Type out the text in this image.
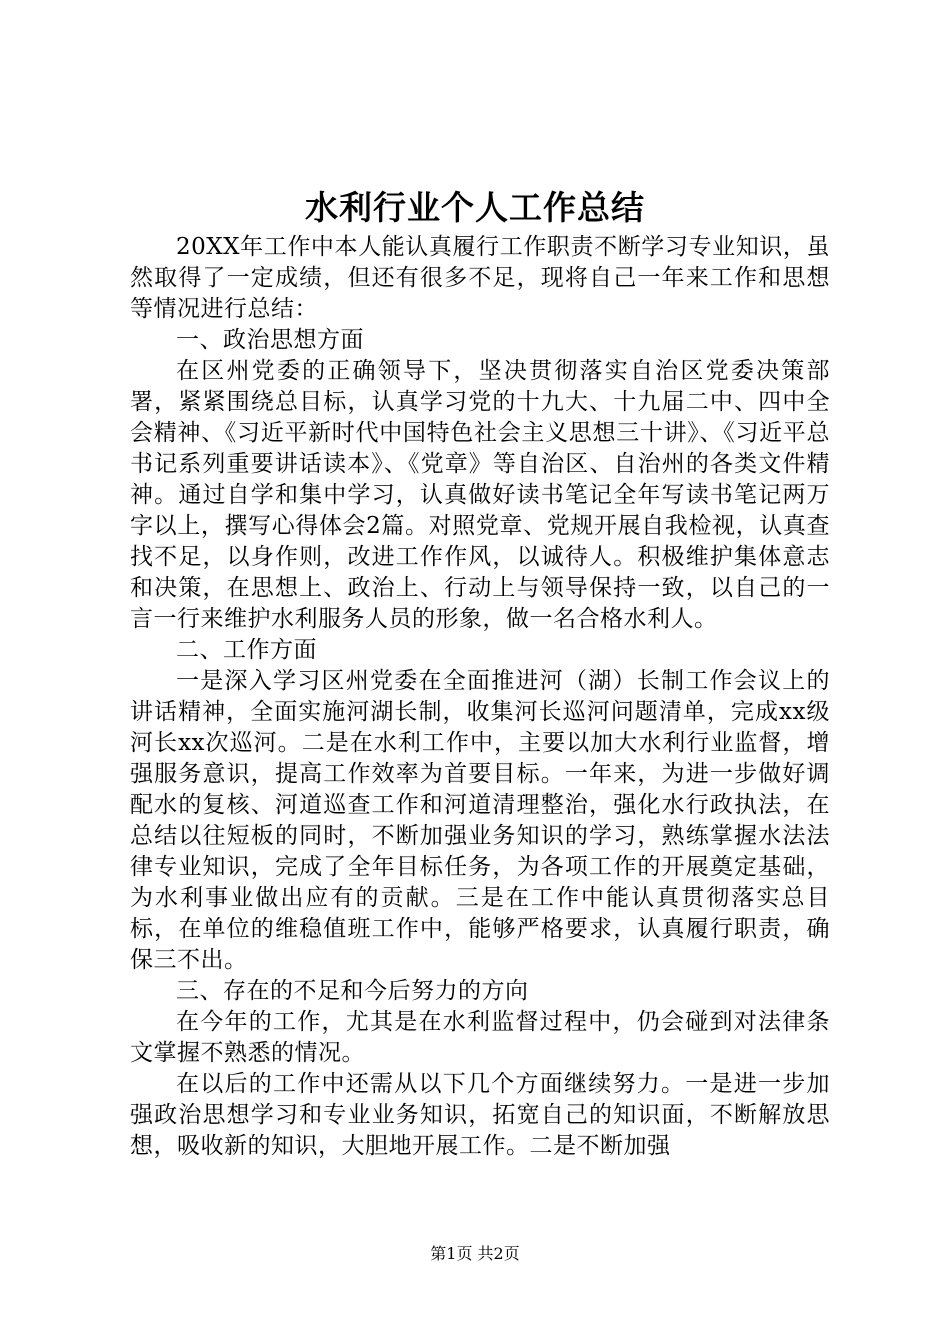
水利行业个人工作总结

20XX年工作中本人能认真履行工作职责不断学习专业知识，虽然取得了一定成绩，但还有很多不足，现将自己一年来工作和思想等情况进行总结：

一、政治思想方面

在区州党委的正确领导下，坚决贯彻落实自治区党委决策部署，紧紧围绕总目标，认真学习党的十九大、十九届二中、四中全会精神、《习近平新时代中国特色社会主义思想三十讲》、《习近平总书记系列重要讲话读本》、《党章》等自治区、自治州的各类文件精神。通过自学和集中学习，认真做好读书笔记全年写读书笔记两万字以上，撰写心得体会2篇。对照党章、党规开展自我检视，认真查找不足，以身作则，改进工作作风，以诚待人。积极维护集体意志和决策，在思想上、政治上、行动上与领导保持一致，以自己的一言一行来维护水利服务人员的形象，做一名合格水利人。

二、工作方面

一是深入学习区州党委在全面推进河（湖）长制工作会议上的讲话精神，全面实施河湖长制，收集河长巡河问题清单，完成xx级河长xx次巡河。二是在水利工作中，主要以加大水利行业监督，增强服务意识，提高工作效率为首要目标。一年来，为进一步做好调配水的复核、河道巡查工作和河道清理整治，强化水行政执法，在总结以往短板的同时，不断加强业务知识的学习，熟练掌握水法法律专业知识，完成了全年目标任务，为各项工作的开展奠定基础，为水利事业做出应有的贡献。三是在工作中能认真贯彻落实总目标，在单位的维稳值班工作中，能够严格要求，认真履行职责，确保三不出。

三、存在的不足和今后努力的方向

在今年的工作，尤其是在水利监督过程中，仍会碰到对法律条文掌握不熟悉的情况。

在以后的工作中还需从以下几个方面继续努力。一是进一步加强政治思想学习和专业业务知识，拓宽自己的知识面，不断解放思想，吸收新的知识，大胆地开展工作。二是不断加强

第1页 共2页
